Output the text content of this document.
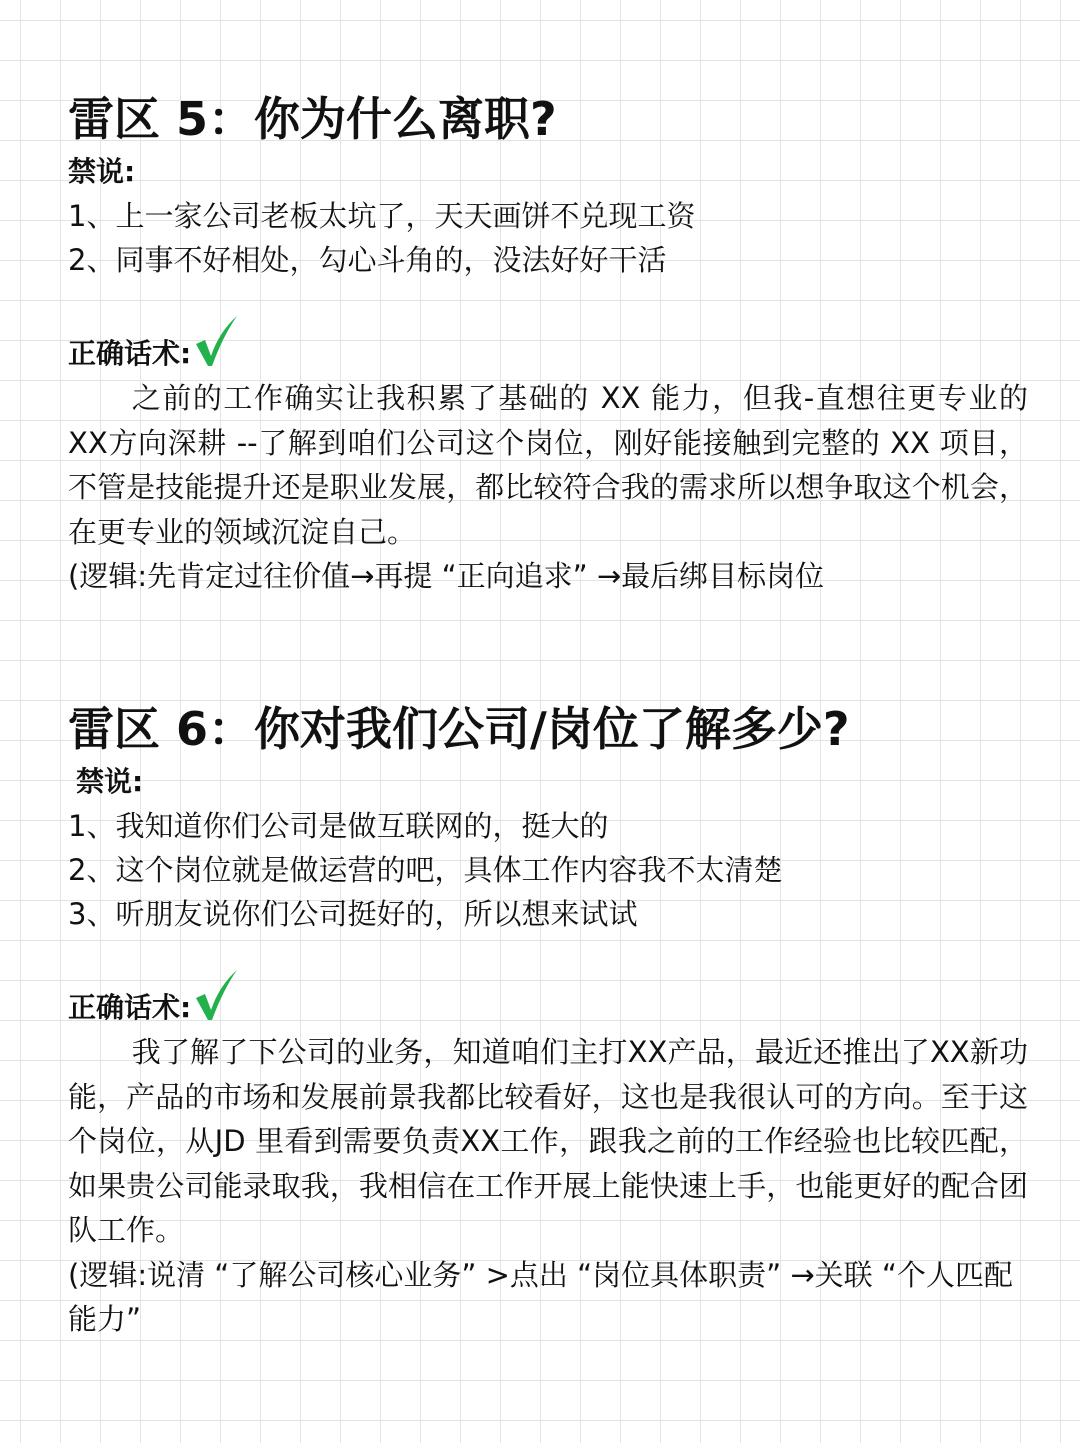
雷区 5：你为什么离职?

禁说:

1、上一家公司老板太坑了，天天画饼不兑现工资

2、同事不好相处，勾心斗角的，没法好好干活

正确话术:

之前的工作确实让我积累了基础的 XX 能力，但我-直想往更专业的 XX方向深耕 --了解到咱们公司这个岗位，刚好能接触到完整的 XX 项目，不管是技能提升还是职业发展，都比较符合我的需求所以想争取这个机会，在更专业的领域沉淀自己。

(逻辑:先肯定过往价值→再提 “正向追求” →最后绑目标岗位

雷区 6：你对我们公司/岗位了解多少?

禁说:

1、我知道你们公司是做互联网的，挺大的

2、这个岗位就是做运营的吧，具体工作内容我不太清楚

3、听朋友说你们公司挺好的，所以想来试试

正确话术:

我了解了下公司的业务，知道咱们主打XX产品，最近还推出了XX新功能，产品的市场和发展前景我都比较看好，这也是我很认可的方向。至于这个岗位，从JD 里看到需要负责XX工作，跟我之前的工作经验也比较匹配，如果贵公司能录取我，我相信在工作开展上能快速上手，也能更好的配合团队工作。

(逻辑:说清 “了解公司核心业务” >点出 “岗位具体职责” →关联 “个人匹配能力”
